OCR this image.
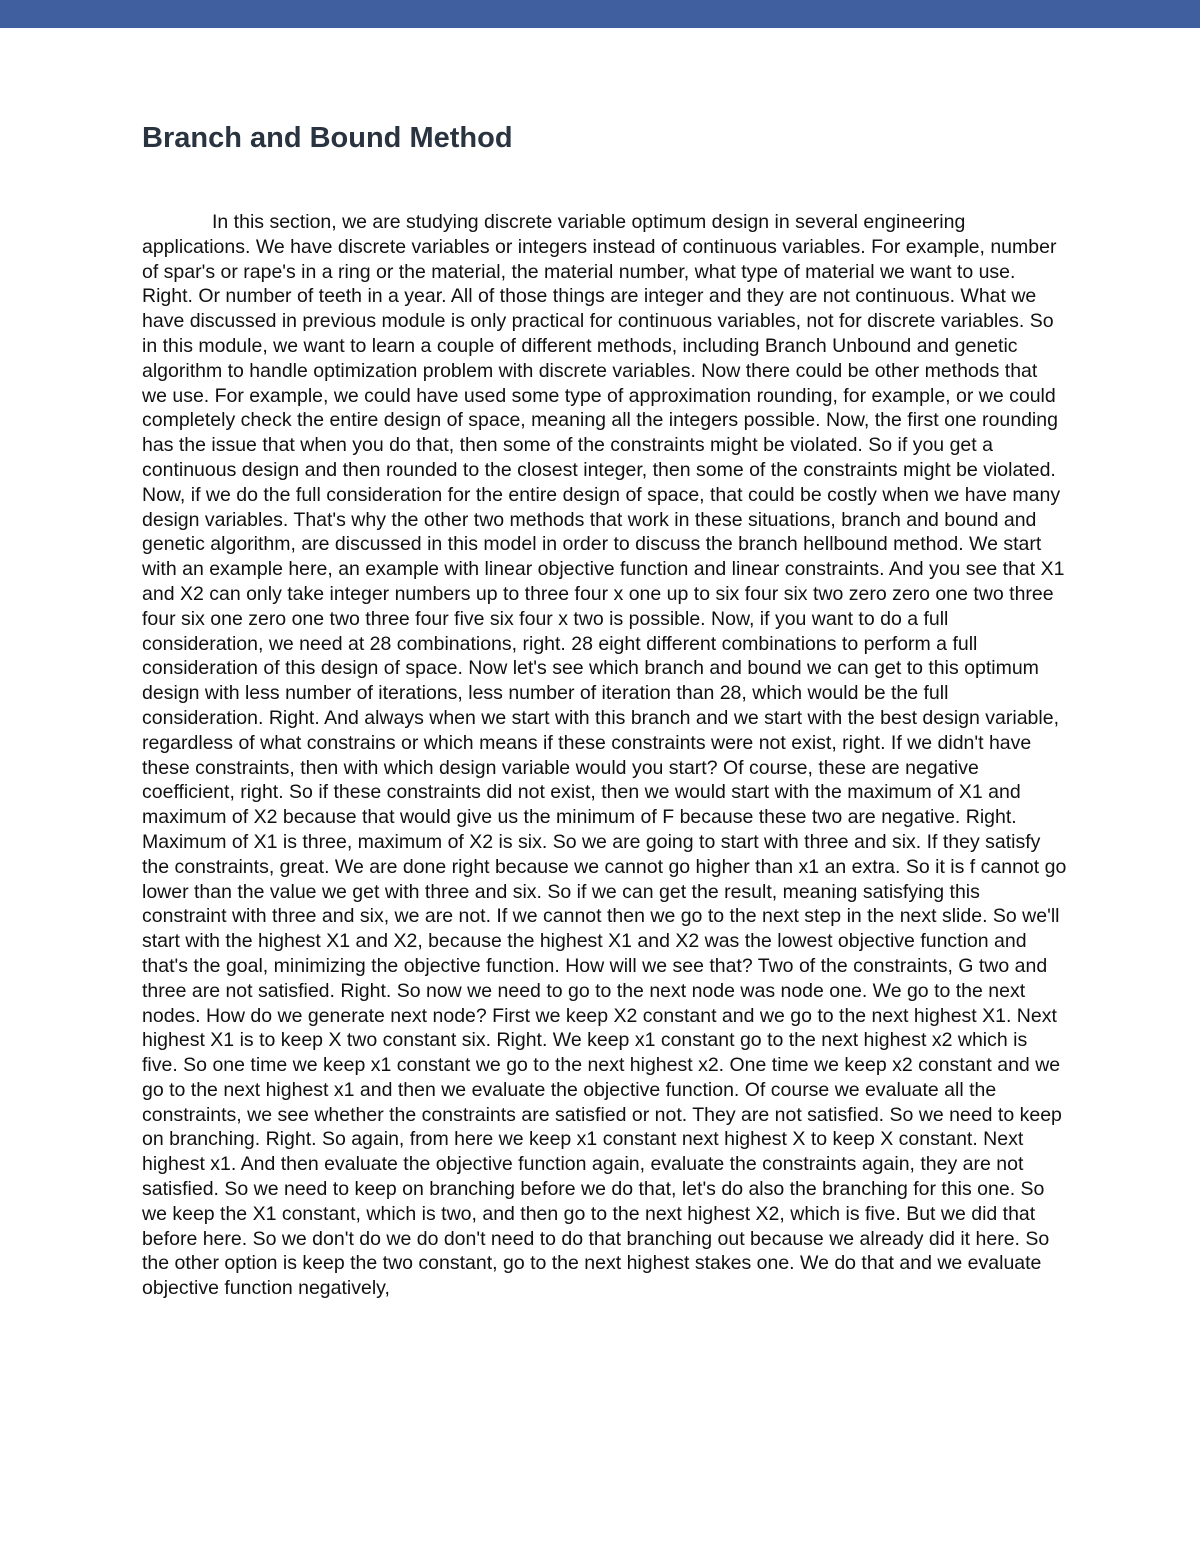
Branch and Bound Method

In this section, we are studying discrete variable optimum design in several engineering applications. We have discrete variables or integers instead of continuous variables. For example, number of spar's or rape's in a ring or the material, the material number, what type of material we want to use. Right. Or number of teeth in a year. All of those things are integer and they are not continuous. What we have discussed in previous module is only practical for continuous variables, not for discrete variables. So in this module, we want to learn a couple of different methods, including Branch Unbound and genetic algorithm to handle optimization problem with discrete variables. Now there could be other methods that we use. For example, we could have used some type of approximation rounding, for example, or we could completely check the entire design of space, meaning all the integers possible. Now, the first one rounding has the issue that when you do that, then some of the constraints might be violated. So if you get a continuous design and then rounded to the closest integer, then some of the constraints might be violated. Now, if we do the full consideration for the entire design of space, that could be costly when we have many design variables. That's why the other two methods that work in these situations, branch and bound and genetic algorithm, are discussed in this model in order to discuss the branch hellbound method. We start with an example here, an example with linear objective function and linear constraints. And you see that X1 and X2 can only take integer numbers up to three four x one up to six four six two zero zero one two three four six one zero one two three four five six four x two is possible. Now, if you want to do a full consideration, we need at 28 combinations, right. 28 eight different combinations to perform a full consideration of this design of space. Now let's see which branch and bound we can get to this optimum design with less number of iterations, less number of iteration than 28, which would be the full consideration. Right. And always when we start with this branch and we start with the best design variable, regardless of what constrains or which means if these constraints were not exist, right. If we didn't have these constraints, then with which design variable would you start? Of course, these are negative coefficient, right. So if these constraints did not exist, then we would start with the maximum of X1 and maximum of X2 because that would give us the minimum of F because these two are negative. Right. Maximum of X1 is three, maximum of X2 is six. So we are going to start with three and six. If they satisfy the constraints, great. We are done right because we cannot go higher than x1 an extra. So it is f cannot go lower than the value we get with three and six. So if we can get the result, meaning satisfying this constraint with three and six, we are not. If we cannot then we go to the next step in the next slide. So we'll start with the highest X1 and X2, because the highest X1 and X2 was the lowest objective function and that's the goal, minimizing the objective function. How will we see that? Two of the constraints, G two and three are not satisfied. Right. So now we need to go to the next node was node one. We go to the next nodes. How do we generate next node? First we keep X2 constant and we go to the next highest X1. Next highest X1 is to keep X two constant six. Right. We keep x1 constant go to the next highest x2 which is five. So one time we keep x1 constant we go to the next highest x2. One time we keep x2 constant and we go to the next highest x1 and then we evaluate the objective function. Of course we evaluate all the constraints, we see whether the constraints are satisfied or not. They are not satisfied. So we need to keep on branching. Right. So again, from here we keep x1 constant next highest X to keep X constant. Next highest x1. And then evaluate the objective function again, evaluate the constraints again, they are not satisfied. So we need to keep on branching before we do that, let's do also the branching for this one. So we keep the X1 constant, which is two, and then go to the next highest X2, which is five. But we did that before here. So we don't do we do don't need to do that branching out because we already did it here. So the other option is keep the two constant, go to the next highest stakes one. We do that and we evaluate objective function negatively,
